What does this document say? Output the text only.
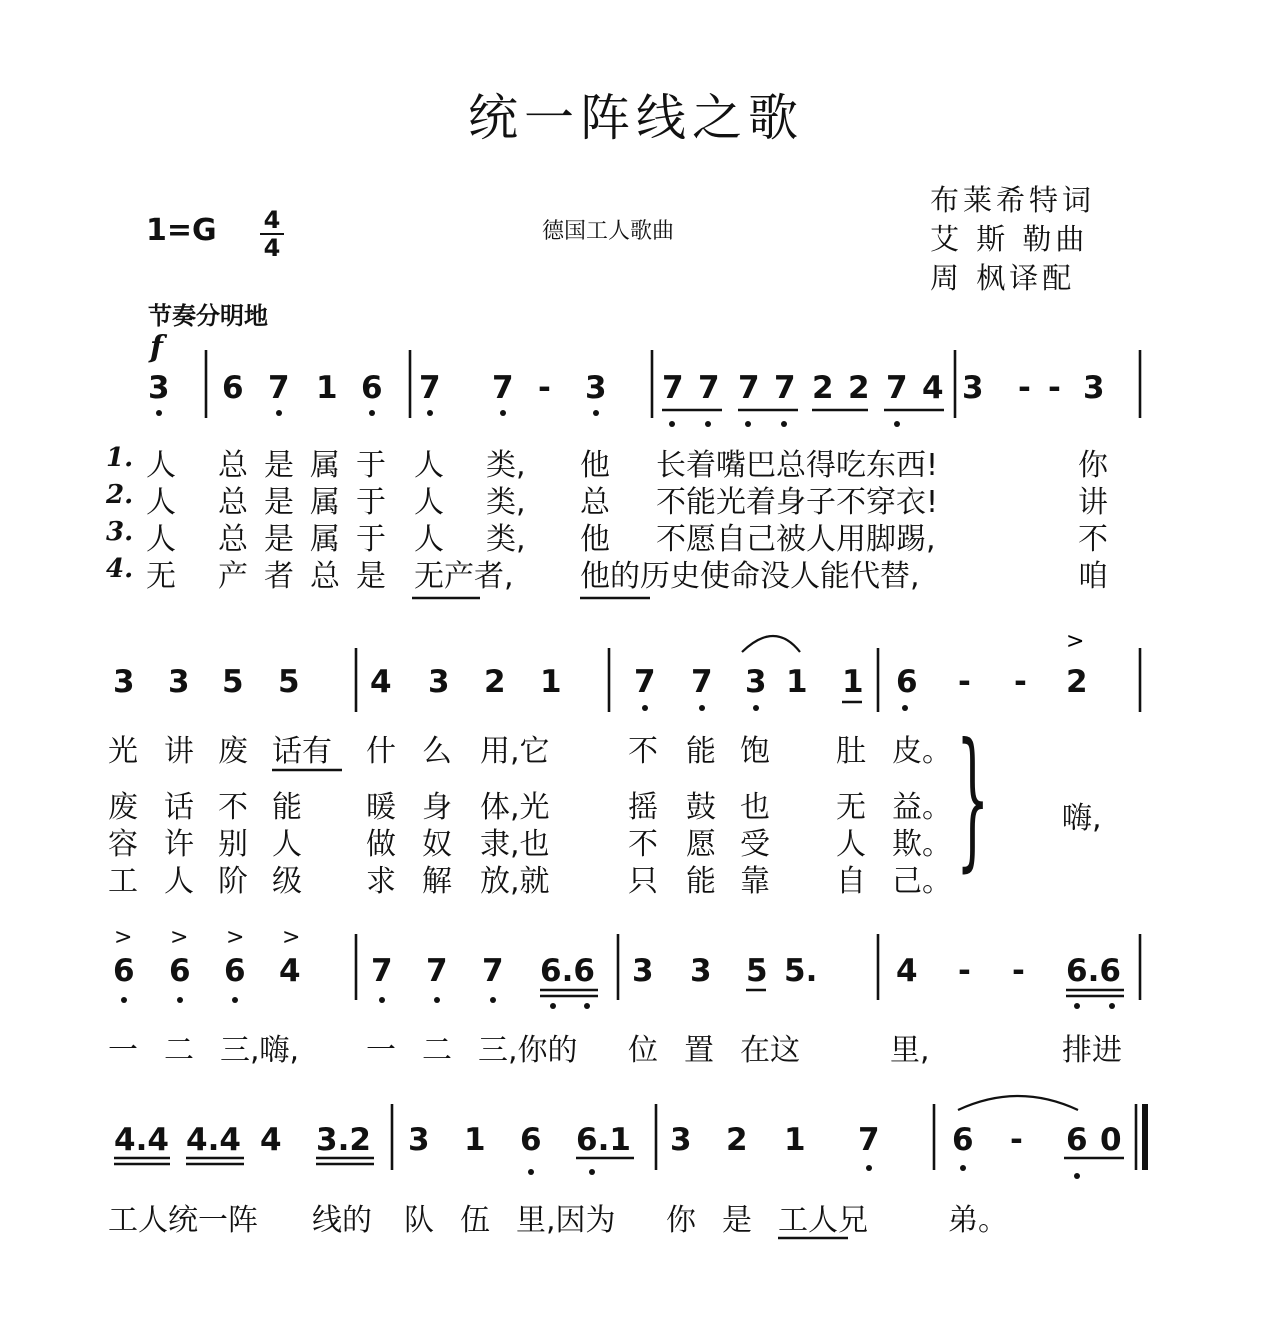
统一阵线之歌
1=G 4
4
德国工人歌曲
布莱希特词
艾 斯 勒曲
周 枫译配
节奏分明地
f
>
> > > >
3 6 7 1 6 7 7 - 3 7 7 7 7 2 2 7 4 3 - - 3
1. 人 总 是 属 于 人 类, 他 长着嘴巴总得吃东西!	你
2. 人 总 是 属 于 人 类, 总 不能光着身子不穿衣!	讲
3. 人 总 是 属 于 人 类, 他 不愿自己被人用脚踢,	不
4. 无 产 者 总 是 无产者, 他的历史使命没人能代替,	咱
3 3 5 5 4 3 2 1 7 7 3 1 1 6 - - 2
光 讲 废 话有 什 么 用,它	不 能 饱 肚 皮。
废 话 不 能 暖 身 体,光	摇 鼓 也 无 益。
容 许 别 人 做 奴 隶,也	不 愿 受 人 欺。
工 人 阶 级 求 解 放,就	只 能 靠 自 己。 } 嗨,
6 6 6 4 7 7 7 6.6 3 3 5 5.	4 - - 6.6
一 二 三,嗨, 一 二 三,你的 位 置 在这	里,	排进
4.4 4.4 4 3.2 3 1 6 6.1 3 2 1 7 6 - 6 0
工人统一阵 线的 队 伍 里,因为 你 是 工人兄	弟。
